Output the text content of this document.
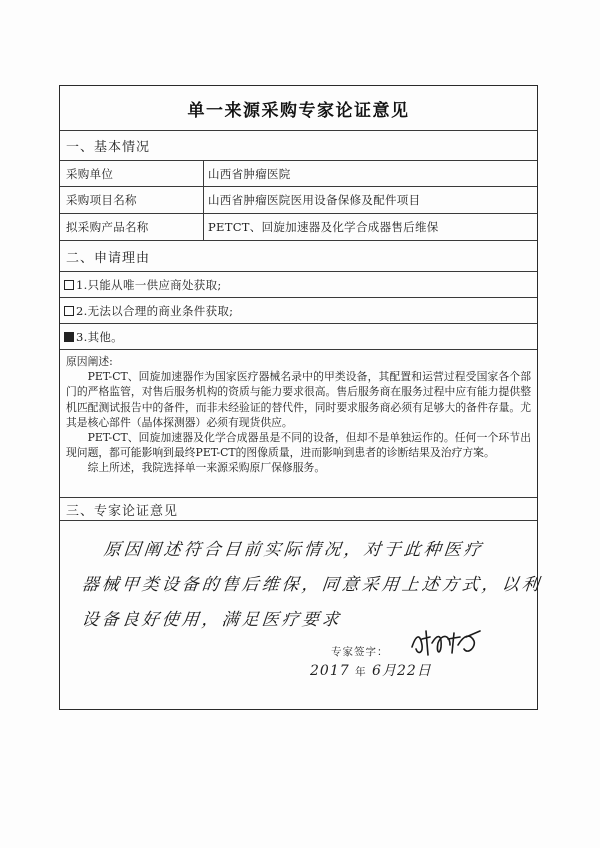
单一来源采购专家论证意见
一、基本情况
采购单位	山西省肿瘤医院
采购项目名称	山西省肿瘤医院医用设备保修及配件项目
拟采购产品名称	PETCT、回旋加速器及化学合成器售后维保
二、申请理由
1.只能从唯一供应商处获取;
2.无法以合理的商业条件获取;
3.其他。

原因阐述:

PET-CT、回旋加速器作为国家医疗器械名录中的甲类设备，其配置和运营过程受国家各个部门的严格监管，对售后服务机构的资质与能力要求很高。售后服务商在服务过程中应有能力提供整机匹配测试报告中的备件，而非未经验证的替代件，同时要求服务商必须有足够大的备件存量。尤其是核心部件（晶体探测器）必须有现货供应。

PET-CT、回旋加速器及化学合成器虽是不同的设备，但却不是单独运作的。任何一个环节出现问题，都可能影响到最终PET-CT的图像质量，进而影响到患者的诊断结果及治疗方案。

综上所述，我院选择单一来源采购原厂保修服务。

三、专家论证意见
原因阐述符合目前实际情况，对于此种医疗
器械甲类设备的售后维保，同意采用上述方式，以利
设备良好使用，满足医疗要求
专家签字：
2017 年 6月22日
